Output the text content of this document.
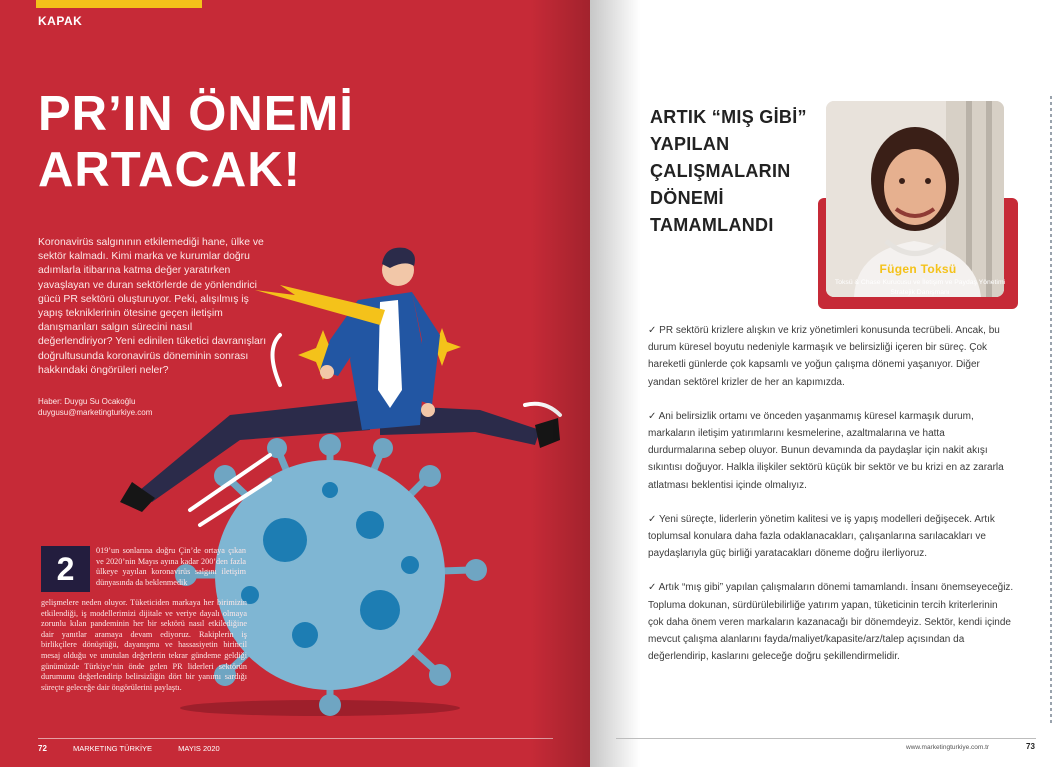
KAPAK
PR’IN ÖNEMİ
ARTACAK!
Koronavirüs salgınının etkilemediği hane, ülke ve sektör kalmadı. Kimi marka ve kurumlar doğru adımlarla itibarına katma değer yaratırken yavaşlayan ve duran sektörlerde de yönlendirici gücü PR sektörü oluşturuyor. Peki, alışılmış iş yapış tekniklerinin ötesine geçen iletişim danışmanları salgın sürecini nasıl değerlendiriyor? Yeni edinilen tüketici davranışları doğrultusunda koronavirüs döneminin sonrası hakkındaki öngörüleri neler?
Haber: Duygu Su Ocakoğlu
duygusu@marketingturkiye.com
2
019’un sonlarına doğru Çin’de ortaya çıkan ve 2020’nin Mayıs ayına kadar 200’den fazla ülkeye yayılan koronavirüs salgını iletişim dünyasında da beklenmedik
gelişmelere neden oluyor. Tüketiciden markaya her birimizin etkilendiği, iş modellerimizi dijitale ve veriye dayalı olmaya zorunlu kılan pandeminin her bir sektörü nasıl etkilediğine dair yanıtlar aramaya devam ediyoruz. Rakiplerin iş birlikçilere dönüştüğü, dayanışma ve hassasiyetin birincil mesaj olduğu ve unutulan değerlerin tekrar gündeme geldiği günümüzde Türkiye’nin önde gelen PR liderleri sektörün durumunu değerlendirip belirsizliğin dört bir yanımı sardığı süreçte geleceğe dair öngörülerini paylaştı.
72	MARKETING TÜRKİYE	MAYIS 2020
ARTIK “MIŞ GİBİ” YAPILAN ÇALIŞMALARIN DÖNEMİ TAMAMLANDI
Fügen Toksü
Toksü & Chase Kurucusu ve İletişim ve Paydaş Yönetimi Stratejik Danışmanı

✓ PR sektörü krizlere alışkın ve kriz yönetimleri konusunda tecrübeli. Ancak, bu durum küresel boyutu nedeniyle karmaşık ve belirsizliği içeren bir süreç. Çok hareketli günlerde çok kapsamlı ve yoğun çalışma dönemi yaşanıyor. Diğer yandan sektörel krizler de her an kapımızda.

✓ Ani belirsizlik ortamı ve önceden yaşanmamış küresel karmaşık durum, markaların iletişim yatırımlarını kesmelerine, azaltmalarına ve hatta durdurmalarına sebep oluyor. Bunun devamında da paydaşlar için nakit akışı sıkıntısı doğuyor. Halkla ilişkiler sektörü küçük bir sektör ve bu krizi en az zararla atlatması beklentisi içinde olmalıyız.

✓ Yeni süreçte, liderlerin yönetim kalitesi ve iş yapış modelleri değişecek. Artık toplumsal konulara daha fazla odaklanacakları, çalışanlarına sarılacakları ve paydaşlarıyla güç birliği yaratacakları döneme doğru ilerliyoruz.

✓ Artık “mış gibi” yapılan çalışmaların dönemi tamamlandı. İnsanı önemseyeceğiz. Topluma dokunan, sürdürülebilirliğe yatırım yapan, tüketicinin tercih kriterlerinin çok daha önem veren markaların kazanacağı bir dönemdeyiz. Sektör, kendi içinde mevcut çalışma alanlarını fayda/maliyet/kapasite/arz/talep açısından da değerlendirip, kaslarını geleceğe doğru şekillendirmelidir.

www.marketingturkiye.com.tr	73
